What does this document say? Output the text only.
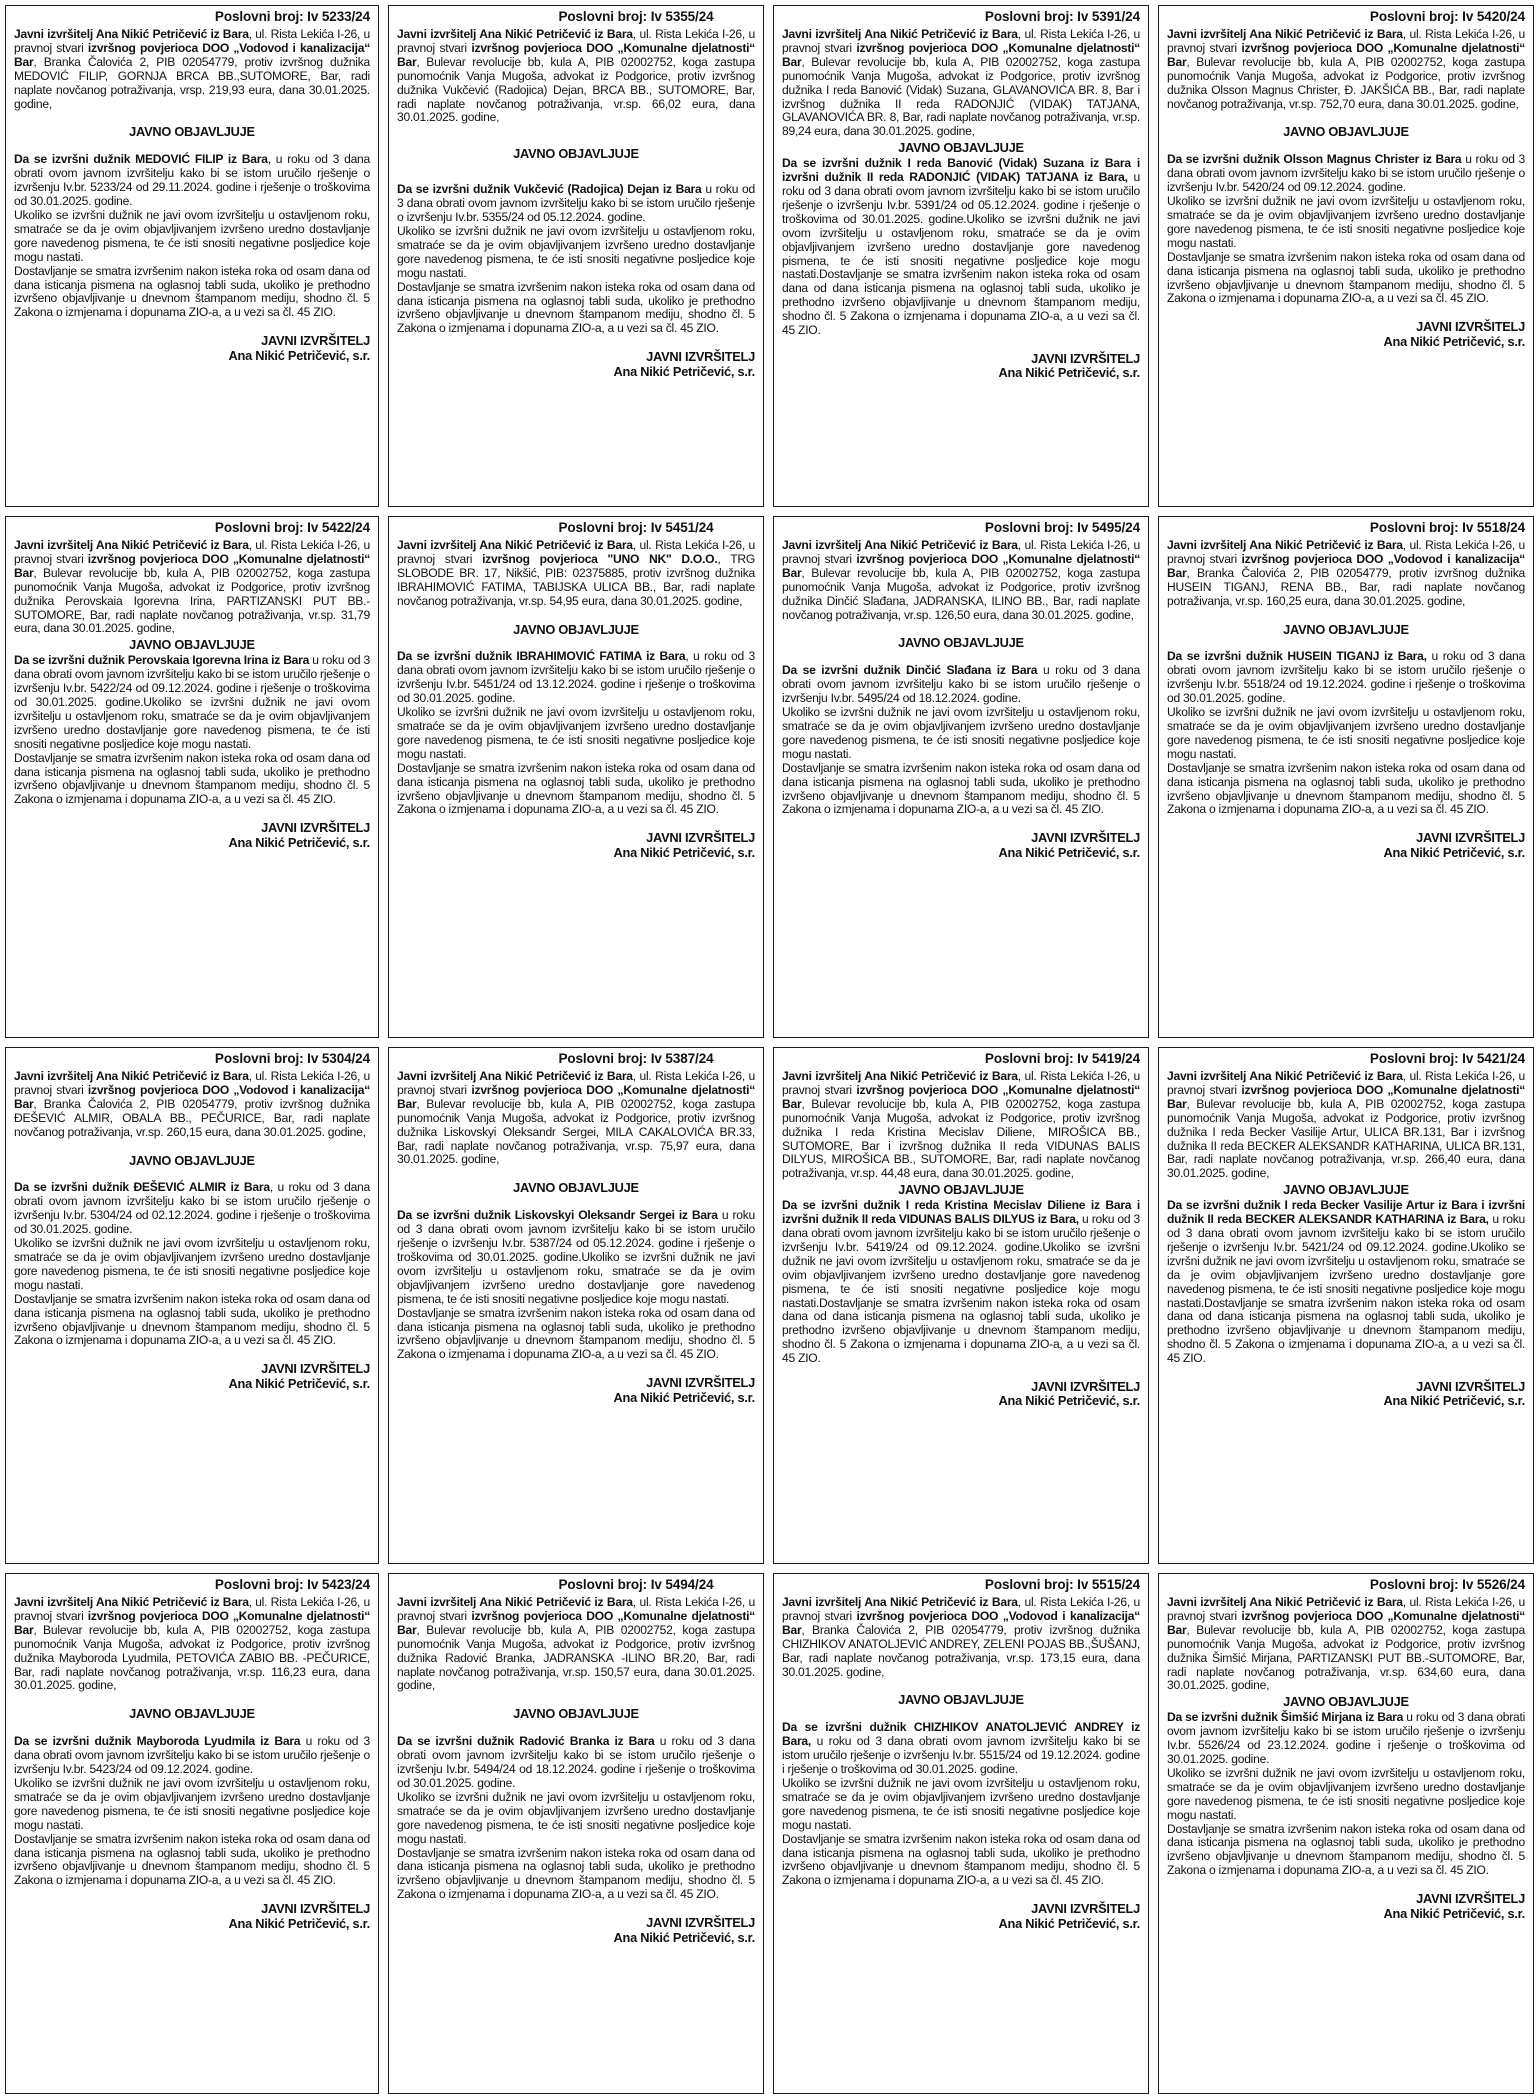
Poslovni broj: Iv 5233/24

Javni izvršitelj Ana Nikić Petričević iz Bara, ul. Rista Lekića I-26, u pravnoj stvari izvršnog povjerioca DOO „Vodovod i kanalizacija“ Bar, Branka Čalovića 2, PIB 02054779, protiv izvršnog dužnika MEDOVIĆ FILIP, GORNJA BRCA BB.,SUTOMORE, Bar, radi naplate novčanog potraživanja, vrsp. 219,93 eura, dana 30.01.2025. godine,

JAVNO OBJAVLJUJE

Da se izvršni dužnik MEDOVIĆ FILIP iz Bara, u roku od 3 dana obrati ovom javnom izvršitelju kako bi se istom uručilo rješenje o izvršenju Iv.br. 5233/24 od 29.11.2024. godine i rješenje o troškovima od 30.01.2025. godine.

Ukoliko se izvršni dužnik ne javi ovom izvršitelju u ostavljenom roku, smatraće se da je ovim objavljivanjem izvršeno uredno dostavljanje gore navedenog pismena, te će isti snositi negativne posljedice koje mogu nastati.

Dostavljanje se smatra izvršenim nakon isteka roka od osam dana od dana isticanja pismena na oglasnoj tabli suda, ukoliko je prethodno izvršeno objavljivanje u dnevnom štampanom mediju, shodno čl. 5 Zakona o izmjenama i dopunama ZIO-a, a u vezi sa čl. 45 ZIO.

JAVNI IZVRŠITELJ
Ana Nikić Petričević, s.r.
Poslovni broj: Iv 5355/24

Javni izvršitelj Ana Nikić Petričević iz Bara, ul. Rista Lekića I-26, u pravnoj stvari izvršnog povjerioca DOO „Komunalne djelatnosti“ Bar, Bulevar revolucije bb, kula A, PIB 02002752, koga zastupa punomoćnik Vanja Mugoša, advokat iz Podgorice, protiv izvršnog dužnika Vukčević (Radojica) Dejan, BRCA BB., SUTOMORE, Bar, radi naplate novčanog potraživanja, vr.sp. 66,02 eura, dana 30.01.2025. godine,

JAVNO OBJAVLJUJE

Da se izvršni dužnik Vukčević (Radojica) Dejan iz Bara u roku od 3 dana obrati ovom javnom izvršitelju kako bi se istom uručilo rješenje o izvršenju Iv.br. 5355/24 od 05.12.2024. godine.

Ukoliko se izvršni dužnik ne javi ovom izvršitelju u ostavljenom roku, smatraće se da je ovim objavljivanjem izvršeno uredno dostavljanje gore navedenog pismena, te će isti snositi negativne posljedice koje mogu nastati.

Dostavljanje se smatra izvršenim nakon isteka roka od osam dana od dana isticanja pismena na oglasnoj tabli suda, ukoliko je prethodno izvršeno objavljivanje u dnevnom štampanom mediju, shodno čl. 5 Zakona o izmjenama i dopunama ZIO-a, a u vezi sa čl. 45 ZIO.

JAVNI IZVRŠITELJ
Ana Nikić Petričević, s.r.
Poslovni broj: Iv 5391/24

Javni izvršitelj Ana Nikić Petričević iz Bara, ul. Rista Lekića I-26, u pravnoj stvari izvršnog povjerioca DOO „Komunalne djelatnosti“ Bar, Bulevar revolucije bb, kula A, PIB 02002752, koga zastupa punomoćnik Vanja Mugoša, advokat iz Podgorice, protiv izvršnog dužnika I reda Banović (Vidak) Suzana, GLAVANOVIĆA BR. 8, Bar i izvršnog dužnika II reda RADONJIĆ (VIDAK) TATJANA, GLAVANOVIĆA BR. 8, Bar, radi naplate novčanog potraživanja, vr.sp. 89,24 eura, dana 30.01.2025. godine,

JAVNO OBJAVLJUJE

Da se izvršni dužnik I reda Banović (Vidak) Suzana iz Bara i izvršni dužnik II reda RADONJIĆ (VIDAK) TATJANA iz Bara, u roku od 3 dana obrati ovom javnom izvršitelju kako bi se istom uručilo rješenje o izvršenju Iv.br. 5391/24 od 05.12.2024. godine i rješenje o troškovima od 30.01.2025. godine.Ukoliko se izvršni dužnik ne javi ovom izvršitelju u ostavljenom roku, smatraće se da je ovim objavljivanjem izvršeno uredno dostavljanje gore navedenog pismena, te će isti snositi negativne posljedice koje mogu nastati.Dostavljanje se smatra izvršenim nakon isteka roka od osam dana od dana isticanja pismena na oglasnoj tabli suda, ukoliko je prethodno izvršeno objavljivanje u dnevnom štampanom mediju, shodno čl. 5 Zakona o izmjenama i dopunama ZIO-a, a u vezi sa čl. 45 ZIO.

JAVNI IZVRŠITELJ
Ana Nikić Petričević, s.r.
Poslovni broj: Iv 5420/24

Javni izvršitelj Ana Nikić Petričević iz Bara, ul. Rista Lekića I-26, u pravnoj stvari izvršnog povjerioca DOO „Komunalne djelatnosti“ Bar, Bulevar revolucije bb, kula A, PIB 02002752, koga zastupa punomoćnik Vanja Mugoša, advokat iz Podgorice, protiv izvršnog dužnika Olsson Magnus Christer, Đ. JAKŠIĆA BB., Bar, radi naplate novčanog potraživanja, vr.sp. 752,70 eura, dana 30.01.2025. godine,

JAVNO OBJAVLJUJE

Da se izvršni dužnik Olsson Magnus Christer iz Bara u roku od 3 dana obrati ovom javnom izvršitelju kako bi se istom uručilo rješenje o izvršenju Iv.br. 5420/24 od 09.12.2024. godine.

Ukoliko se izvršni dužnik ne javi ovom izvršitelju u ostavljenom roku, smatraće se da je ovim objavljivanjem izvršeno uredno dostavljanje gore navedenog pismena, te će isti snositi negativne posljedice koje mogu nastati.

Dostavljanje se smatra izvršenim nakon isteka roka od osam dana od dana isticanja pismena na oglasnoj tabli suda, ukoliko je prethodno izvršeno objavljivanje u dnevnom štampanom mediju, shodno čl. 5 Zakona o izmjenama i dopunama ZIO-a, a u vezi sa čl. 45 ZIO.

JAVNI IZVRŠITELJ
Ana Nikić Petričević, s.r.
Poslovni broj: Iv 5422/24

Javni izvršitelj Ana Nikić Petričević iz Bara, ul. Rista Lekića I-26, u pravnoj stvari izvršnog povjerioca DOO „Komunalne djelatnosti“ Bar, Bulevar revolucije bb, kula A, PIB 02002752, koga zastupa punomoćnik Vanja Mugoša, advokat iz Podgorice, protiv izvršnog dužnika Perovskaia Igorevna Irina, PARTIZANSKI PUT BB.-SUTOMORE, Bar, radi naplate novčanog potraživanja, vr.sp. 31,79 eura, dana 30.01.2025. godine,

JAVNO OBJAVLJUJE

Da se izvršni dužnik Perovskaia Igorevna Irina iz Bara u roku od 3 dana obrati ovom javnom izvršitelju kako bi se istom uručilo rješenje o izvršenju Iv.br. 5422/24 od 09.12.2024. godine i rješenje o troškovima od 30.01.2025. godine.Ukoliko se izvršni dužnik ne javi ovom izvršitelju u ostavljenom roku, smatraće se da je ovim objavljivanjem izvršeno uredno dostavljanje gore navedenog pismena, te će isti snositi negativne posljedice koje mogu nastati.

Dostavljanje se smatra izvršenim nakon isteka roka od osam dana od dana isticanja pismena na oglasnoj tabli suda, ukoliko je prethodno izvršeno objavljivanje u dnevnom štampanom mediju, shodno čl. 5 Zakona o izmjenama i dopunama ZIO-a, a u vezi sa čl. 45 ZIO.

JAVNI IZVRŠITELJ
Ana Nikić Petričević, s.r.
Poslovni broj: Iv 5451/24

Javni izvršitelj Ana Nikić Petričević iz Bara, ul. Rista Lekića I-26, u pravnoj stvari izvršnog povjerioca "UNO NK" D.O.O., TRG SLOBODE BR. 17, Nikšić, PIB: 02375885, protiv izvršnog dužnika IBRAHIMOVIĆ FATIMA, TABIJSKA ULICA BB., Bar, radi naplate novčanog potraživanja, vr.sp. 54,95 eura, dana 30.01.2025. godine,

JAVNO OBJAVLJUJE

Da se izvršni dužnik IBRAHIMOVIĆ FATIMA iz Bara, u roku od 3 dana obrati ovom javnom izvršitelju kako bi se istom uručilo rješenje o izvršenju Iv.br. 5451/24 od 13.12.2024. godine i rješenje o troškovima od 30.01.2025. godine.

Ukoliko se izvršni dužnik ne javi ovom izvršitelju u ostavljenom roku, smatraće se da je ovim objavljivanjem izvršeno uredno dostavljanje gore navedenog pismena, te će isti snositi negativne posljedice koje mogu nastati.

Dostavljanje se smatra izvršenim nakon isteka roka od osam dana od dana isticanja pismena na oglasnoj tabli suda, ukoliko je prethodno izvršeno objavljivanje u dnevnom štampanom mediju, shodno čl. 5 Zakona o izmjenama i dopunama ZIO-a, a u vezi sa čl. 45 ZIO.

JAVNI IZVRŠITELJ
Ana Nikić Petričević, s.r.
Poslovni broj: Iv 5495/24

Javni izvršitelj Ana Nikić Petričević iz Bara, ul. Rista Lekića I-26, u pravnoj stvari izvršnog povjerioca DOO „Komunalne djelatnosti“ Bar, Bulevar revolucije bb, kula A, PIB 02002752, koga zastupa punomoćnik Vanja Mugoša, advokat iz Podgorice, protiv izvršnog dužnika Dinčić Slađana, JADRANSKA, ILINO BB., Bar, radi naplate novčanog potraživanja, vr.sp. 126,50 eura, dana 30.01.2025. godine,

JAVNO OBJAVLJUJE

Da se izvršni dužnik Dinčić Slađana iz Bara u roku od 3 dana obrati ovom javnom izvršitelju kako bi se istom uručilo rješenje o izvršenju Iv.br. 5495/24 od 18.12.2024. godine.

Ukoliko se izvršni dužnik ne javi ovom izvršitelju u ostavljenom roku, smatraće se da je ovim objavljivanjem izvršeno uredno dostavljanje gore navedenog pismena, te će isti snositi negativne posljedice koje mogu nastati.

Dostavljanje se smatra izvršenim nakon isteka roka od osam dana od dana isticanja pismena na oglasnoj tabli suda, ukoliko je prethodno izvršeno objavljivanje u dnevnom štampanom mediju, shodno čl. 5 Zakona o izmjenama i dopunama ZIO-a, a u vezi sa čl. 45 ZIO.

JAVNI IZVRŠITELJ
Ana Nikić Petričević, s.r.
Poslovni broj: Iv 5518/24

Javni izvršitelj Ana Nikić Petričević iz Bara, ul. Rista Lekića I-26, u pravnoj stvari izvršnog povjerioca DOO „Vodovod i kanalizacija“ Bar, Branka Čalovića 2, PIB 02054779, protiv izvršnog dužnika HUSEIN TIGANJ, RENA BB., Bar, radi naplate novčanog potraživanja, vr.sp. 160,25 eura, dana 30.01.2025. godine,

JAVNO OBJAVLJUJE

Da se izvršni dužnik HUSEIN TIGANJ iz Bara, u roku od 3 dana obrati ovom javnom izvršitelju kako bi se istom uručilo rješenje o izvršenju Iv.br. 5518/24 od 19.12.2024. godine i rješenje o troškovima od 30.01.2025. godine.

Ukoliko se izvršni dužnik ne javi ovom izvršitelju u ostavljenom roku, smatraće se da je ovim objavljivanjem izvršeno uredno dostavljanje gore navedenog pismena, te će isti snositi negativne posljedice koje mogu nastati.

Dostavljanje se smatra izvršenim nakon isteka roka od osam dana od dana isticanja pismena na oglasnoj tabli suda, ukoliko je prethodno izvršeno objavljivanje u dnevnom štampanom mediju, shodno čl. 5 Zakona o izmjenama i dopunama ZIO-a, a u vezi sa čl. 45 ZIO.

JAVNI IZVRŠITELJ
Ana Nikić Petričević, s.r.
Poslovni broj: Iv 5304/24

Javni izvršitelj Ana Nikić Petričević iz Bara, ul. Rista Lekića I-26, u pravnoj stvari izvršnog povjerioca DOO „Vodovod i kanalizacija“ Bar, Branka Čalovića 2, PIB 02054779, protiv izvršnog dužnika ĐEŠEVIĆ ALMIR, OBALA BB., PEČURICE, Bar, radi naplate novčanog potraživanja, vr.sp. 260,15 eura, dana 30.01.2025. godine,

JAVNO OBJAVLJUJE

Da se izvršni dužnik ĐEŠEVIĆ ALMIR iz Bara, u roku od 3 dana obrati ovom javnom izvršitelju kako bi se istom uručilo rješenje o izvršenju Iv.br. 5304/24 od 02.12.2024. godine i rješenje o troškovima od 30.01.2025. godine.

Ukoliko se izvršni dužnik ne javi ovom izvršitelju u ostavljenom roku, smatraće se da je ovim objavljivanjem izvršeno uredno dostavljanje gore navedenog pismena, te će isti snositi negativne posljedice koje mogu nastati.

Dostavljanje se smatra izvršenim nakon isteka roka od osam dana od dana isticanja pismena na oglasnoj tabli suda, ukoliko je prethodno izvršeno objavljivanje u dnevnom štampanom mediju, shodno čl. 5 Zakona o izmjenama i dopunama ZIO-a, a u vezi sa čl. 45 ZIO.

JAVNI IZVRŠITELJ
Ana Nikić Petričević, s.r.
Poslovni broj: Iv 5387/24

Javni izvršitelj Ana Nikić Petričević iz Bara, ul. Rista Lekića I-26, u pravnoj stvari izvršnog povjerioca DOO „Komunalne djelatnosti“ Bar, Bulevar revolucije bb, kula A, PIB 02002752, koga zastupa punomoćnik Vanja Mugoša, advokat iz Podgorice, protiv izvršnog dužnika Liskovskyi Oleksandr Sergei, MILA CAKALOVIĆA BR.33, Bar, radi naplate novčanog potraživanja, vr.sp. 75,97 eura, dana 30.01.2025. godine,

JAVNO OBJAVLJUJE

Da se izvršni dužnik Liskovskyi Oleksandr Sergei iz Bara u roku od 3 dana obrati ovom javnom izvršitelju kako bi se istom uručilo rješenje o izvršenju Iv.br. 5387/24 od 05.12.2024. godine i rješenje o troškovima od 30.01.2025. godine.Ukoliko se izvršni dužnik ne javi ovom izvršitelju u ostavljenom roku, smatraće se da je ovim objavljivanjem izvršeno uredno dostavljanje gore navedenog pismena, te će isti snositi negativne posljedice koje mogu nastati.

Dostavljanje se smatra izvršenim nakon isteka roka od osam dana od dana isticanja pismena na oglasnoj tabli suda, ukoliko je prethodno izvršeno objavljivanje u dnevnom štampanom mediju, shodno čl. 5 Zakona o izmjenama i dopunama ZIO-a, a u vezi sa čl. 45 ZIO.

JAVNI IZVRŠITELJ
Ana Nikić Petričević, s.r.
Poslovni broj: Iv 5419/24

Javni izvršitelj Ana Nikić Petričević iz Bara, ul. Rista Lekića I-26, u pravnoj stvari izvršnog povjerioca DOO „Komunalne djelatnosti“ Bar, Bulevar revolucije bb, kula A, PIB 02002752, koga zastupa punomoćnik Vanja Mugoša, advokat iz Podgorice, protiv izvršnog dužnika I reda Kristina Mecislav Diliene, MIROŠICA BB., SUTOMORE, Bar i izvršnog dužnika II reda VIDUNAS BALIS DILYUS, MIROŠICA BB., SUTOMORE, Bar, radi naplate novčanog potraživanja, vr.sp. 44,48 eura, dana 30.01.2025. godine,

JAVNO OBJAVLJUJE

Da se izvršni dužnik I reda Kristina Mecislav Diliene iz Bara i izvršni dužnik II reda VIDUNAS BALIS DILYUS iz Bara, u roku od 3 dana obrati ovom javnom izvršitelju kako bi se istom uručilo rješenje o izvršenju Iv.br. 5419/24 od 09.12.2024. godine.Ukoliko se izvršni dužnik ne javi ovom izvršitelju u ostavljenom roku, smatraće se da je ovim objavljivanjem izvršeno uredno dostavljanje gore navedenog pismena, te će isti snositi negativne posljedice koje mogu nastati.Dostavljanje se smatra izvršenim nakon isteka roka od osam dana od dana isticanja pismena na oglasnoj tabli suda, ukoliko je prethodno izvršeno objavljivanje u dnevnom štampanom mediju, shodno čl. 5 Zakona o izmjenama i dopunama ZIO-a, a u vezi sa čl. 45 ZIO.

JAVNI IZVRŠITELJ
Ana Nikić Petričević, s.r.
Poslovni broj: Iv 5421/24

Javni izvršitelj Ana Nikić Petričević iz Bara, ul. Rista Lekića I-26, u pravnoj stvari izvršnog povjerioca DOO „Komunalne djelatnosti“ Bar, Bulevar revolucije bb, kula A, PIB 02002752, koga zastupa punomoćnik Vanja Mugoša, advokat iz Podgorice, protiv izvršnog dužnika I reda Becker Vasilije Artur, ULICA BR.131, Bar i izvršnog dužnika II reda BECKER ALEKSANDR KATHARINA, ULICA BR.131, Bar, radi naplate novčanog potraživanja, vr.sp. 266,40 eura, dana 30.01.2025. godine,

JAVNO OBJAVLJUJE

Da se izvršni dužnik I reda Becker Vasilije Artur iz Bara i izvršni dužnik II reda BECKER ALEKSANDR KATHARINA iz Bara, u roku od 3 dana obrati ovom javnom izvršitelju kako bi se istom uručilo rješenje o izvršenju Iv.br. 5421/24 od 09.12.2024. godine.Ukoliko se izvršni dužnik ne javi ovom izvršitelju u ostavljenom roku, smatraće se da je ovim objavljivanjem izvršeno uredno dostavljanje gore navedenog pismena, te će isti snositi negativne posljedice koje mogu nastati.Dostavljanje se smatra izvršenim nakon isteka roka od osam dana od dana isticanja pismena na oglasnoj tabli suda, ukoliko je prethodno izvršeno objavljivanje u dnevnom štampanom mediju, shodno čl. 5 Zakona o izmjenama i dopunama ZIO-a, a u vezi sa čl. 45 ZIO.

JAVNI IZVRŠITELJ
Ana Nikić Petričević, s.r.
Poslovni broj: Iv 5423/24

Javni izvršitelj Ana Nikić Petričević iz Bara, ul. Rista Lekića I-26, u pravnoj stvari izvršnog povjerioca DOO „Komunalne djelatnosti“ Bar, Bulevar revolucije bb, kula A, PIB 02002752, koga zastupa punomoćnik Vanja Mugoša, advokat iz Podgorice, protiv izvršnog dužnika Mayboroda Lyudmila, PETOVIĆA ZABIO BB. -PEČURICE, Bar, radi naplate novčanog potraživanja, vr.sp. 116,23 eura, dana 30.01.2025. godine,

JAVNO OBJAVLJUJE

Da se izvršni dužnik Mayboroda Lyudmila iz Bara u roku od 3 dana obrati ovom javnom izvršitelju kako bi se istom uručilo rješenje o izvršenju Iv.br. 5423/24 od 09.12.2024. godine.

Ukoliko se izvršni dužnik ne javi ovom izvršitelju u ostavljenom roku, smatraće se da je ovim objavljivanjem izvršeno uredno dostavljanje gore navedenog pismena, te će isti snositi negativne posljedice koje mogu nastati.

Dostavljanje se smatra izvršenim nakon isteka roka od osam dana od dana isticanja pismena na oglasnoj tabli suda, ukoliko je prethodno izvršeno objavljivanje u dnevnom štampanom mediju, shodno čl. 5 Zakona o izmjenama i dopunama ZIO-a, a u vezi sa čl. 45 ZIO.

JAVNI IZVRŠITELJ
Ana Nikić Petričević, s.r.
Poslovni broj: Iv 5494/24

Javni izvršitelj Ana Nikić Petričević iz Bara, ul. Rista Lekića I-26, u pravnoj stvari izvršnog povjerioca DOO „Komunalne djelatnosti“ Bar, Bulevar revolucije bb, kula A, PIB 02002752, koga zastupa punomoćnik Vanja Mugoša, advokat iz Podgorice, protiv izvršnog dužnika Radović Branka, JADRANSKA -ILINO BR.20, Bar, radi naplate novčanog potraživanja, vr.sp. 150,57 eura, dana 30.01.2025. godine,

JAVNO OBJAVLJUJE

Da se izvršni dužnik Radović Branka iz Bara u roku od 3 dana obrati ovom javnom izvršitelju kako bi se istom uručilo rješenje o izvršenju Iv.br. 5494/24 od 18.12.2024. godine i rješenje o troškovima od 30.01.2025. godine.

Ukoliko se izvršni dužnik ne javi ovom izvršitelju u ostavljenom roku, smatraće se da je ovim objavljivanjem izvršeno uredno dostavljanje gore navedenog pismena, te će isti snositi negativne posljedice koje mogu nastati.

Dostavljanje se smatra izvršenim nakon isteka roka od osam dana od dana isticanja pismena na oglasnoj tabli suda, ukoliko je prethodno izvršeno objavljivanje u dnevnom štampanom mediju, shodno čl. 5 Zakona o izmjenama i dopunama ZIO-a, a u vezi sa čl. 45 ZIO.

JAVNI IZVRŠITELJ
Ana Nikić Petričević, s.r.
Poslovni broj: Iv 5515/24

Javni izvršitelj Ana Nikić Petričević iz Bara, ul. Rista Lekića I-26, u pravnoj stvari izvršnog povjerioca DOO „Vodovod i kanalizacija“ Bar, Branka Čalovića 2, PIB 02054779, protiv izvršnog dužnika CHIZHIKOV ANATOLJEVIĆ ANDREY, ZELENI POJAS BB.,ŠUŠANJ, Bar, radi naplate novčanog potraživanja, vr.sp. 173,15 eura, dana 30.01.2025. godine,

JAVNO OBJAVLJUJE

Da se izvršni dužnik CHIZHIKOV ANATOLJEVIĆ ANDREY iz Bara, u roku od 3 dana obrati ovom javnom izvršitelju kako bi se istom uručilo rješenje o izvršenju Iv.br. 5515/24 od 19.12.2024. godine i rješenje o troškovima od 30.01.2025. godine.

Ukoliko se izvršni dužnik ne javi ovom izvršitelju u ostavljenom roku, smatraće se da je ovim objavljivanjem izvršeno uredno dostavljanje gore navedenog pismena, te će isti snositi negativne posljedice koje mogu nastati.

Dostavljanje se smatra izvršenim nakon isteka roka od osam dana od dana isticanja pismena na oglasnoj tabli suda, ukoliko je prethodno izvršeno objavljivanje u dnevnom štampanom mediju, shodno čl. 5 Zakona o izmjenama i dopunama ZIO-a, a u vezi sa čl. 45 ZIO.

JAVNI IZVRŠITELJ
Ana Nikić Petričević, s.r.
Poslovni broj: Iv 5526/24

Javni izvršitelj Ana Nikić Petričević iz Bara, ul. Rista Lekića I-26, u pravnoj stvari izvršnog povjerioca DOO „Komunalne djelatnosti“ Bar, Bulevar revolucije bb, kula A, PIB 02002752, koga zastupa punomoćnik Vanja Mugoša, advokat iz Podgorice, protiv izvršnog dužnika Šimšić Mirjana, PARTIZANSKI PUT BB.-SUTOMORE, Bar, radi naplate novčanog potraživanja, vr.sp. 634,60 eura, dana 30.01.2025. godine,

JAVNO OBJAVLJUJE

Da se izvršni dužnik Šimšić Mirjana iz Bara u roku od 3 dana obrati ovom javnom izvršitelju kako bi se istom uručilo rješenje o izvršenju Iv.br. 5526/24 od 23.12.2024. godine i rješenje o troškovima od 30.01.2025. godine.

Ukoliko se izvršni dužnik ne javi ovom izvršitelju u ostavljenom roku, smatraće se da je ovim objavljivanjem izvršeno uredno dostavljanje gore navedenog pismena, te će isti snositi negativne posljedice koje mogu nastati.

Dostavljanje se smatra izvršenim nakon isteka roka od osam dana od dana isticanja pismena na oglasnoj tabli suda, ukoliko je prethodno izvršeno objavljivanje u dnevnom štampanom mediju, shodno čl. 5 Zakona o izmjenama i dopunama ZIO-a, a u vezi sa čl. 45 ZIO.

JAVNI IZVRŠITELJ
Ana Nikić Petričević, s.r.
